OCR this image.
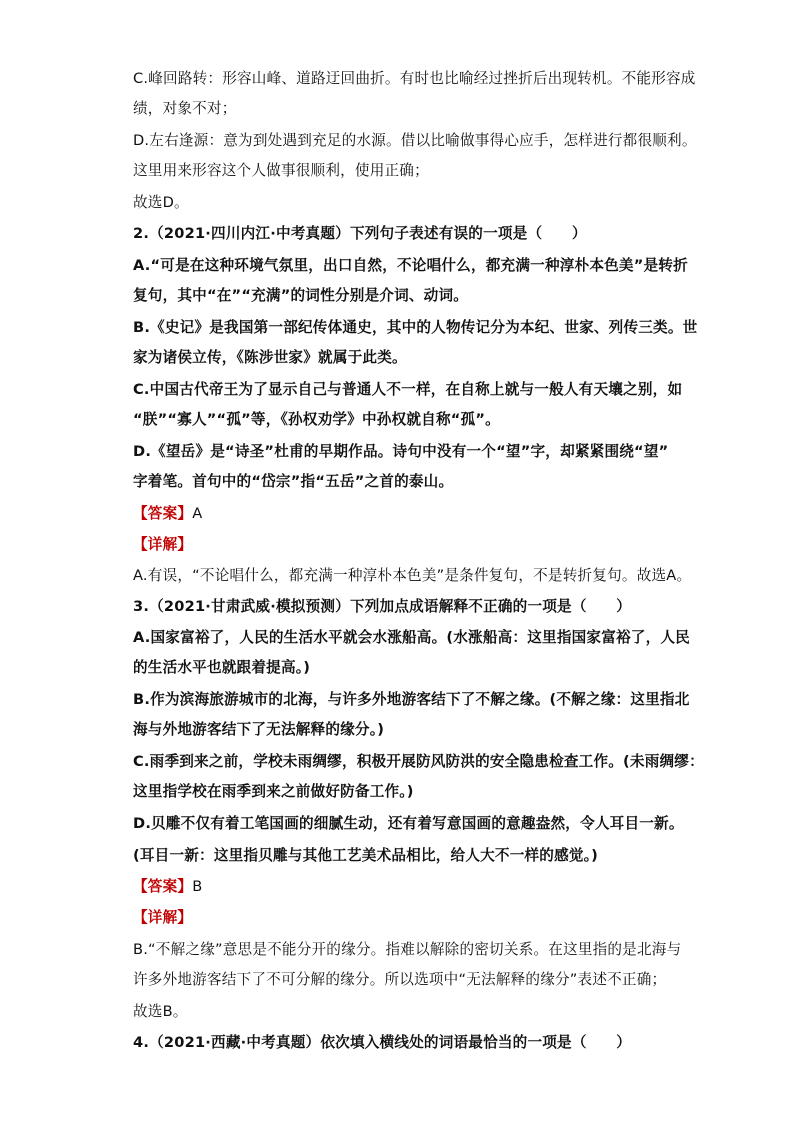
C.峰回路转：形容山峰、道路迂回曲折。有时也比喻经过挫折后出现转机。不能形容成
绩，对象不对；
D.左右逢源：意为到处遇到充足的水源。借以比喻做事得心应手，怎样进行都很顺利。
这里用来形容这个人做事很顺利，使用正确；
故选D。
2.（2021·四川内江·中考真题）下列句子表述有误的一项是（　　）
A.“可是在这种环境气氛里，出口自然，不论唱什么，都充满一种淳朴本色美”是转折
复句，其中“在”“充满”的词性分别是介词、动词。
B.《史记》是我国第一部纪传体通史，其中的人物传记分为本纪、世家、列传三类。世
家为诸侯立传，《陈涉世家》就属于此类。
C.中国古代帝王为了显示自己与普通人不一样，在自称上就与一般人有天壤之别，如
“朕”“寡人”“孤”等，《孙权劝学》中孙权就自称“孤”。
D.《望岳》是“诗圣”杜甫的早期作品。诗句中没有一个“望”字，却紧紧围绕“望”
字着笔。首句中的“岱宗”指“五岳”之首的泰山。
【答案】A
【详解】
A.有误，“不论唱什么，都充满一种淳朴本色美”是条件复句，不是转折复句。故选A。
3.（2021·甘肃武威·模拟预测）下列加点成语解释不正确的一项是（　　）
A.国家富裕了，人民的生活水平就会水涨船高。(水涨船高：这里指国家富裕了，人民
的生活水平也就跟着提高。)
B.作为滨海旅游城市的北海，与许多外地游客结下了不解之缘。(不解之缘：这里指北
海与外地游客结下了无法解释的缘分。)
C.雨季到来之前，学校未雨绸缪，积极开展防风防洪的安全隐患检查工作。(未雨绸缪：
这里指学校在雨季到来之前做好防备工作。)
D.贝雕不仅有着工笔国画的细腻生动，还有着写意国画的意趣盎然，令人耳目一新。
(耳目一新：这里指贝雕与其他工艺美术品相比，给人大不一样的感觉。)
【答案】B
【详解】
B.“不解之缘”意思是不能分开的缘分。指难以解除的密切关系。在这里指的是北海与
许多外地游客结下了不可分解的缘分。所以选项中“无法解释的缘分”表述不正确；
故选B。
4.（2021·西藏·中考真题）依次填入横线处的词语最恰当的一项是（　　）
